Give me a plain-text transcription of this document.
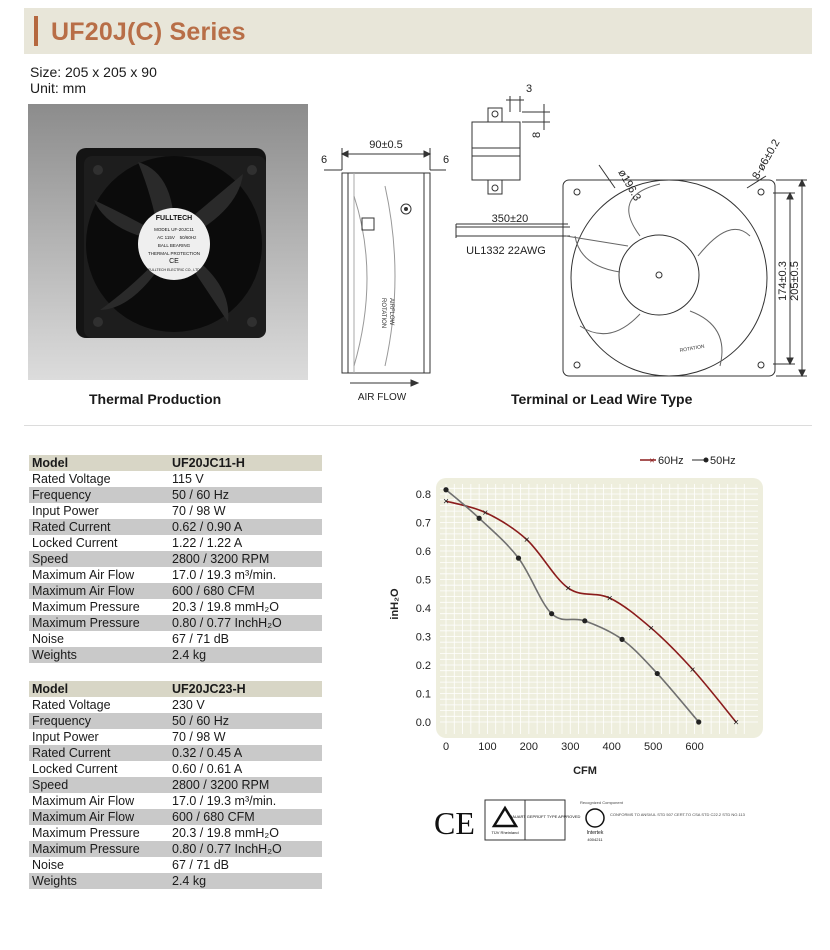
UF20J(C) Series
Size: 205 x 205 x 90
Unit: mm
FULLTECH
MODEL UF-20JC11
AC 115V 50/60Hz
BALL BEARING
THERMAL PROTECTION
CE
FULLTECH ELECTRIC CO., LTD
90±0.5
6	6
3
8
ø196.3
8-ø6±0.2
350±20
UL1332 22AWG
174±0.3 205±0.5
AIR FLOW
AIRFLOW
ROTATION
ROTATION
Thermal Production	Terminal or Lead Wire Type
Model	UF20JC11-H
Rated Voltage	115 V
Frequency	50 / 60 Hz
Input Power	70 / 98 W
Rated Current	0.62 / 0.90 A
Locked Current	1.22 / 1.22 A
Speed	2800 / 3200 RPM
Maximum Air Flow	17.0 / 19.3 m³/min.
Maximum Air Flow	600 / 680 CFM
Maximum Pressure	20.3 / 19.8 mmH₂O
Maximum Pressure	0.80 / 0.77 InchH₂O
Noise	67 / 71 dB
Weights	2.4 kg
Model	UF20JC23-H
Rated Voltage	230 V
Frequency	50 / 60 Hz
Input Power	70 / 98 W
Rated Current	0.32 / 0.45 A
Locked Current	0.60 / 0.61 A
Speed	2800 / 3200 RPM
Maximum Air Flow	17.0 / 19.3 m³/min.
Maximum Air Flow	600 / 680 CFM
Maximum Pressure	20.3 / 19.8 mmH₂O
Maximum Pressure	0.80 / 0.77 InchH₂O
Noise	67 / 71 dB
Weights	2.4 kg
0.0
0.1
0.2
0.3
0.4
0.5
0.6
0.7
0.8
0	100 200 300 400 500 600
×
×
×
×
×
×
×
×
CFM
inH₂O
× 60Hz 50Hz
CE	TÜV Rheinland
BAUART GEPRÜFT TYPE APPROVED
Recognized Component
Intertek
4004211
CONFORMS TO ANSI/UL STD 507 CERT.TO CSA STD C22.2 STD NO.113
